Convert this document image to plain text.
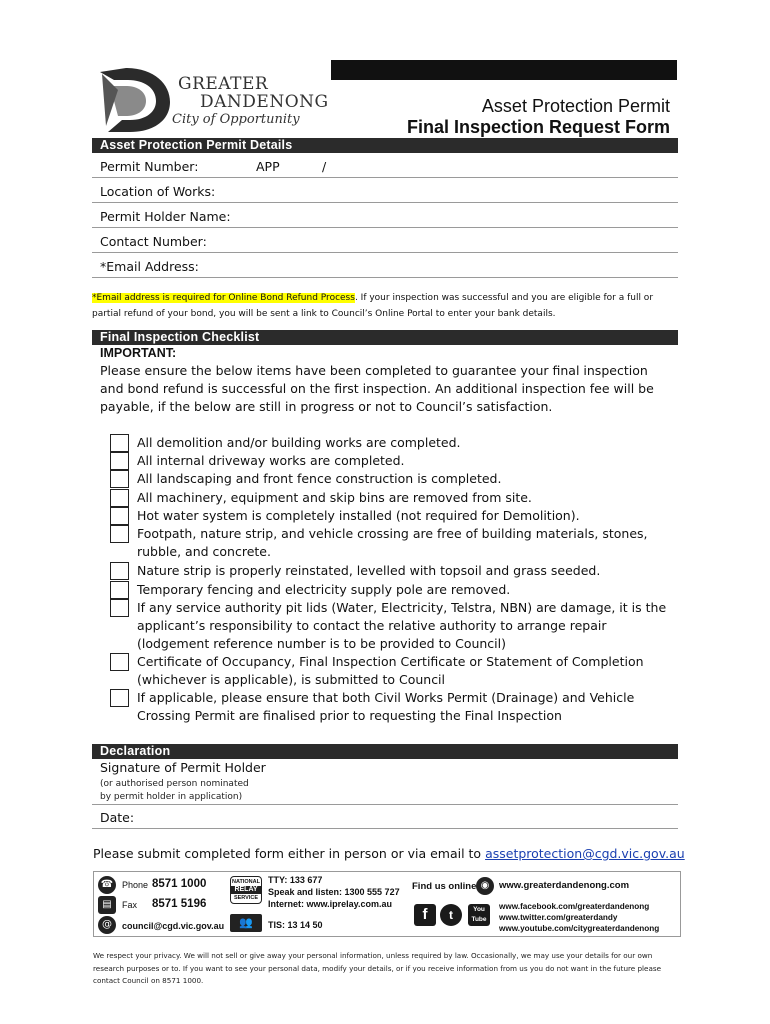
GREATER
DANDENONG
City of Opportunity
Asset Protection Permit
Final Inspection Request Form
Asset Protection Permit Details
Permit Number:	APP	/
Location of Works:
Permit Holder Name:
Contact Number:
*Email Address:
*Email address is required for Online Bond Refund Process. If your inspection was successful and you are eligible for a full or partial refund of your bond, you will be sent a link to Council’s Online Portal to enter your bank details.
Final Inspection Checklist
IMPORTANT:
Please ensure the below items have been completed to guarantee your final inspection and bond refund is successful on the first inspection. An additional inspection fee will be payable, if the below are still in progress or not to Council’s satisfaction.
All demolition and/or building works are completed.
All internal driveway works are completed.
All landscaping and front fence construction is completed.
All machinery, equipment and skip bins are removed from site.
Hot water system is completely installed (not required for Demolition).
Footpath, nature strip, and vehicle crossing are free of building materials, stones, rubble, and concrete.
Nature strip is properly reinstated, levelled with topsoil and grass seeded.
Temporary fencing and electricity supply pole are removed.
If any service authority pit lids (Water, Electricity, Telstra, NBN) are damage, it is the applicant’s responsibility to contact the relative authority to arrange repair (lodgement reference number is to be provided to Council)
Certificate of Occupancy, Final Inspection Certificate or Statement of Completion (whichever is applicable), is submitted to Council
If applicable, please ensure that both Civil Works Permit (Drainage) and Vehicle Crossing Permit are finalised prior to requesting the Final Inspection
Declaration
Signature of Permit Holder
(or authorised person nominated
by permit holder in application)
Date:
Please submit completed form either in person or via email to assetprotection@cgd.vic.gov.au
☎ Phone 8571 1000
▤	Fax 8571 5196
@	council@cgd.vic.gov.au
NATIONAL
RELAY
SERVICE
TTY: 133 677
Speak and listen: 1300 555 727
Internet: www.iprelay.com.au
👥	TIS: 13 14 50
Find us online ◉	www.greaterdandenong.com
f	t	You
Tube
www.facebook.com/greaterdandenong
www.twitter.com/greaterdandy
www.youtube.com/citygreaterdandenong
We respect your privacy. We will not sell or give away your personal information, unless required by law. Occasionally, we may use your details for our own research purposes or to. If you want to see your personal data, modify your details, or if you receive information from us you do not want in the future please contact Council on 8571 1000.
